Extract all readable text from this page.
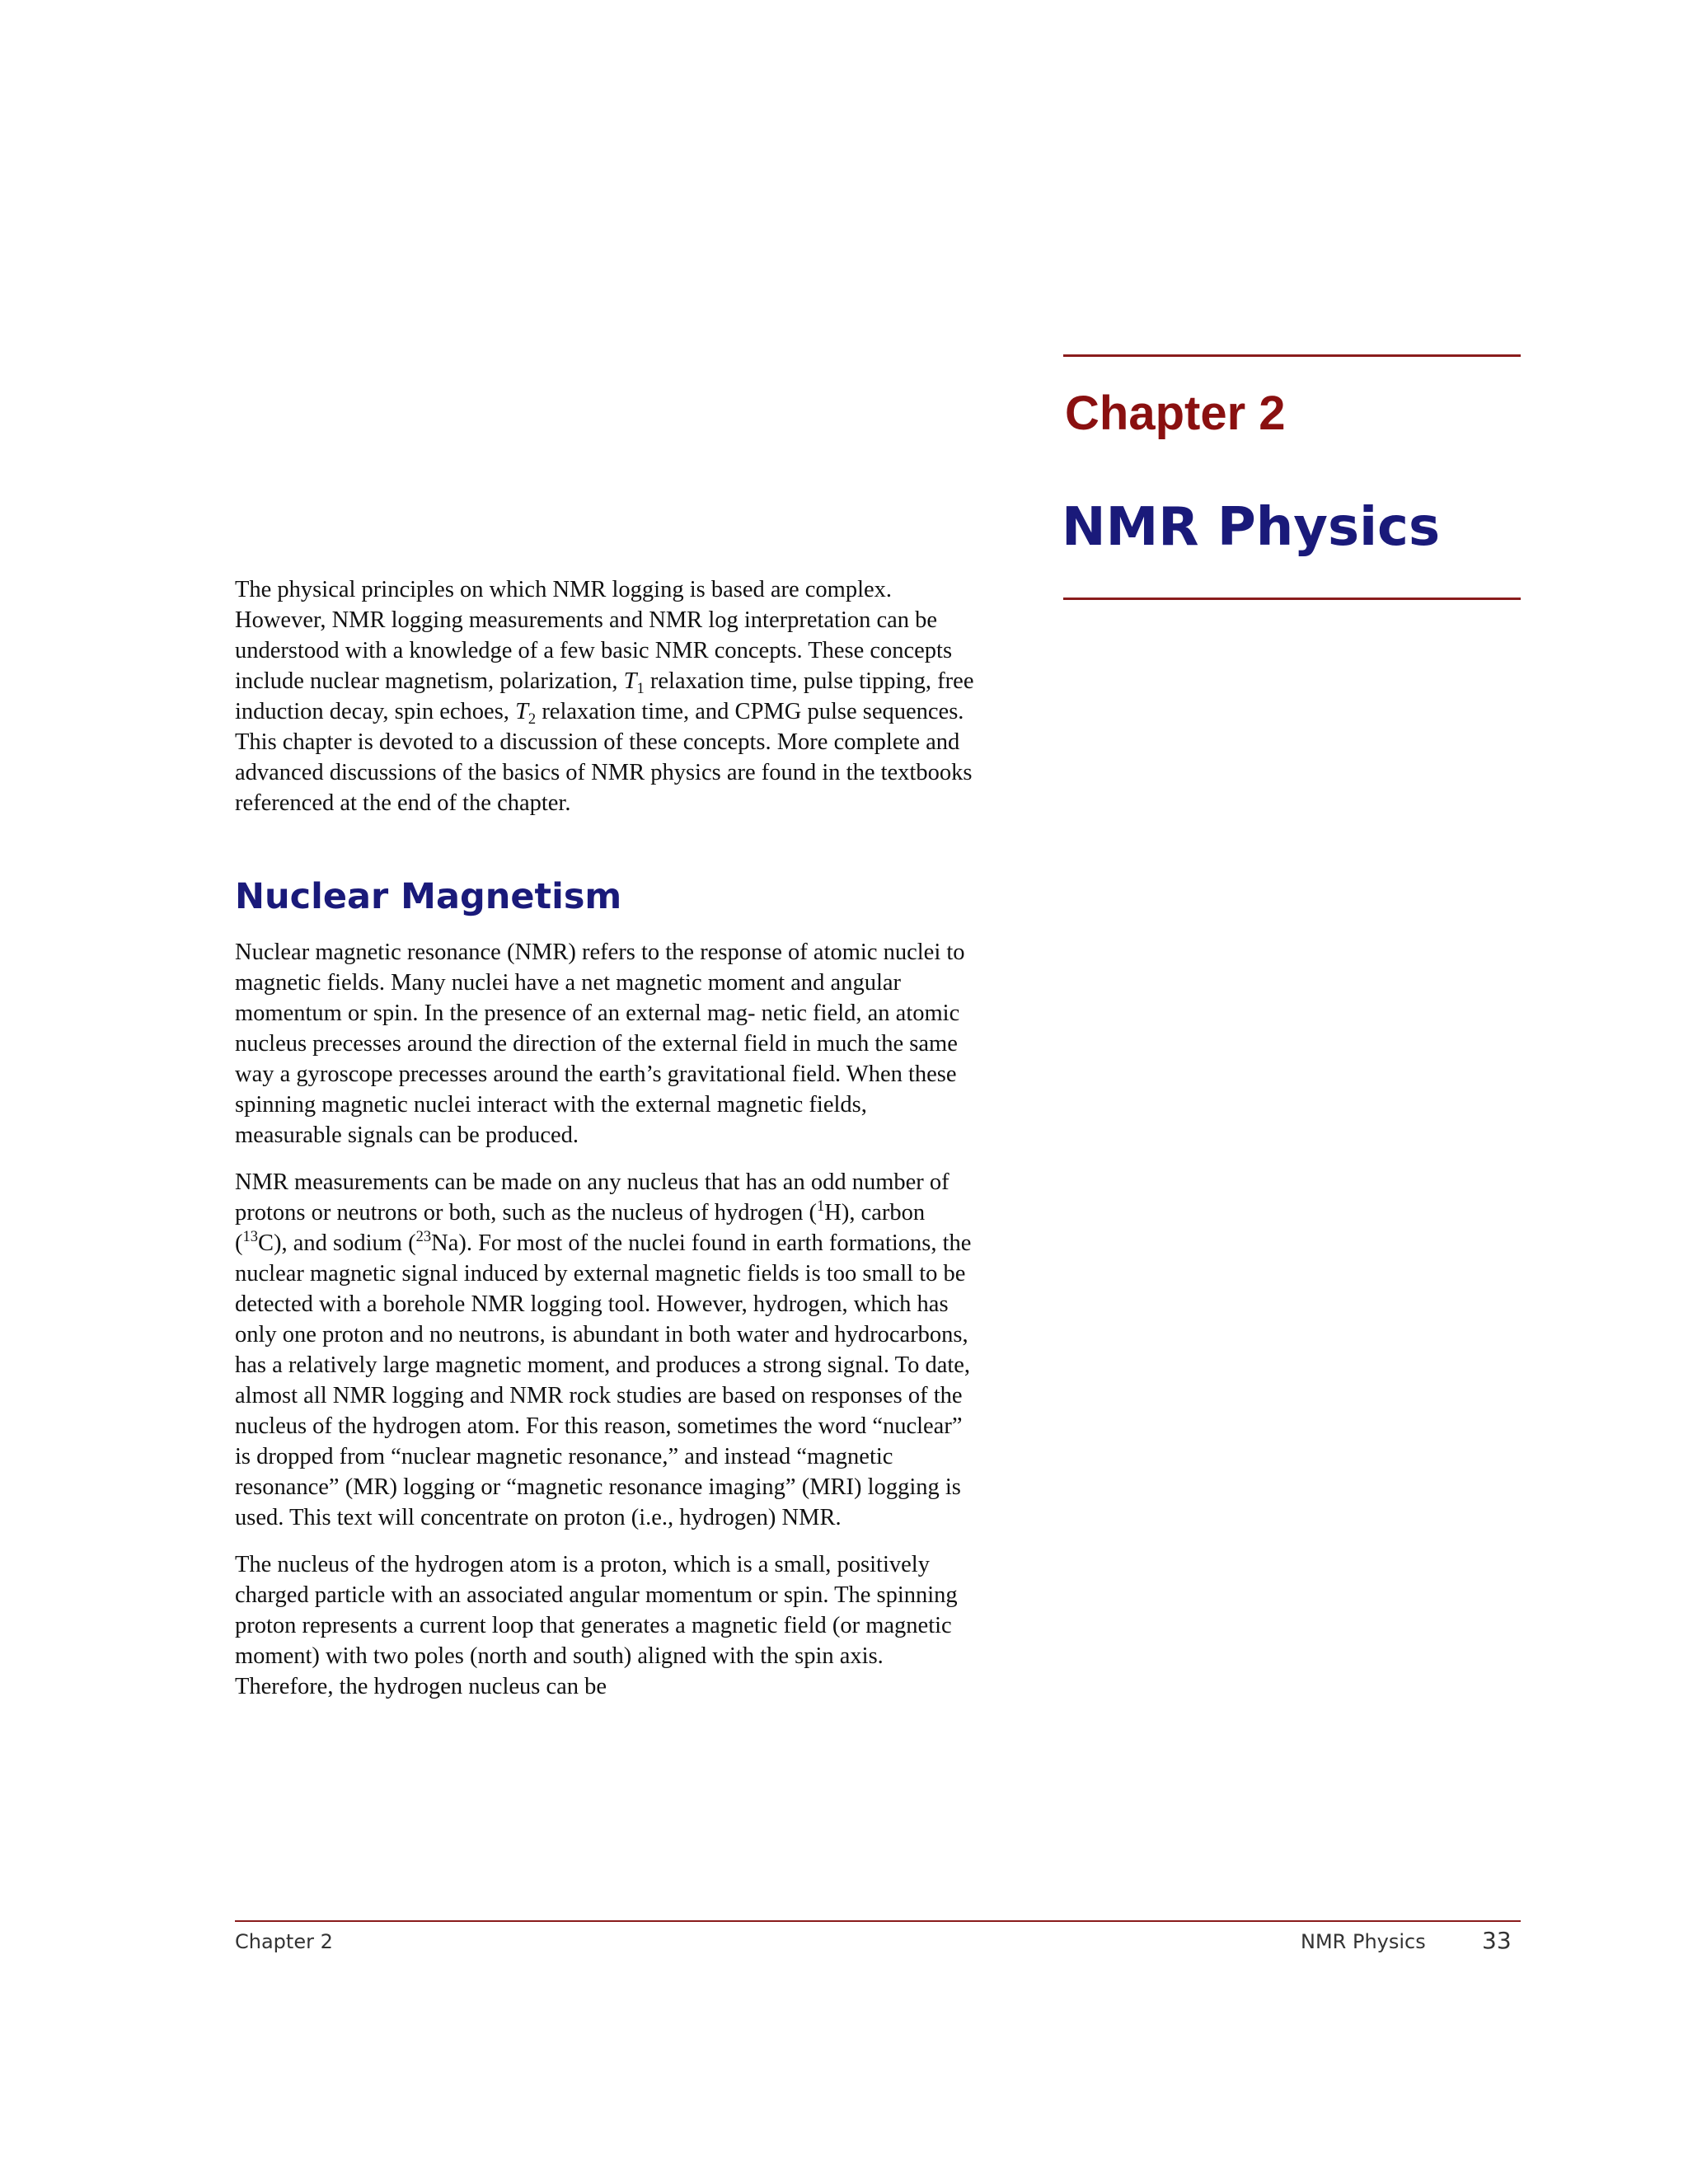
Chapter 2
NMR Physics

The physical principles on which NMR logging is based are complex. However, NMR logging measurements and NMR log interpretation can be understood with a knowledge of a few basic NMR concepts. These concepts include nuclear magnetism, polarization, $T_1$ relaxation time, pulse tipping, free induction decay, spin echoes, $T_2$ relaxation time, and CPMG pulse sequences. This chapter is devoted to a discussion of these concepts. More complete and advanced discussions of the basics of NMR physics are found in the textbooks referenced at the end of the chapter.

Nuclear Magnetism

Nuclear magnetic resonance (NMR) refers to the response of atomic nuclei to magnetic fields. Many nuclei have a net magnetic moment and angular momentum or spin. In the presence of an external mag- netic field, an atomic nucleus precesses around the direction of the external field in much the same way a gyroscope precesses around the earth’s gravitational field. When these spinning magnetic nuclei interact with the external magnetic fields, measurable signals can be produced.

NMR measurements can be made on any nucleus that has an odd number of protons or neutrons or both, such as the nucleus of hydrogen ($^1$H), carbon ($^{13}$C), and sodium ($^{23}$Na). For most of the nuclei found in earth formations, the nuclear magnetic signal induced by external magnetic fields is too small to be detected with a borehole NMR logging tool. However, hydrogen, which has only one proton and no neutrons, is abundant in both water and hydrocarbons, has a relatively large magnetic moment, and produces a strong signal. To date, almost all NMR logging and NMR rock studies are based on responses of the nucleus of the hydrogen atom. For this reason, sometimes the word “nuclear” is dropped from “nuclear magnetic resonance,” and instead “magnetic resonance” (MR) logging or “magnetic resonance imaging” (MRI) logging is used. This text will concentrate on proton (i.e., hydrogen) NMR.

The nucleus of the hydrogen atom is a proton, which is a small, positively charged particle with an associated angular momentum or spin. The spinning proton represents a current loop that generates a magnetic field (or magnetic moment) with two poles (north and south) aligned with the spin axis. Therefore, the hydrogen nucleus can be

Chapter 2	NMR Physics 33
